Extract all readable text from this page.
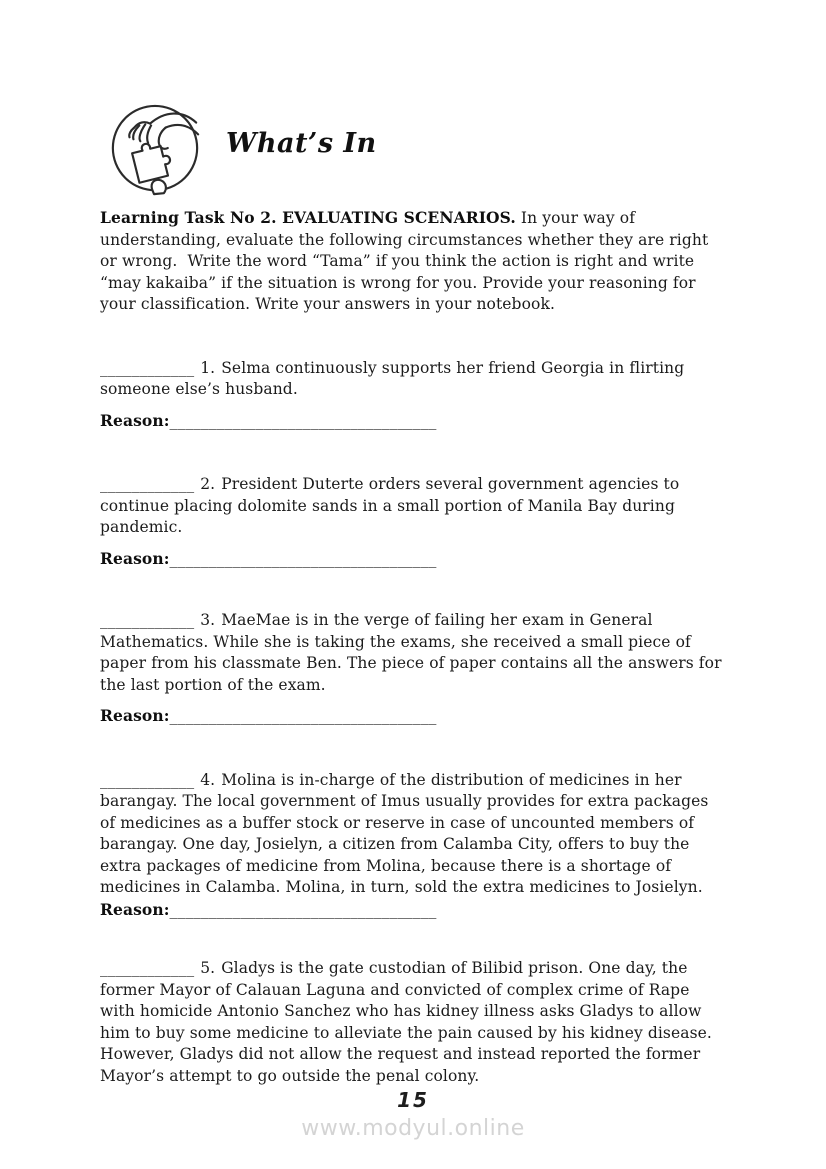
What’s In

Learning Task No 2. EVALUATING SCENARIOS. In your way of understanding, evaluate the following circumstances whether they are right or wrong.  Write the word “Tama” if you think the action is right and write “may kakaiba” if the situation is wrong for you. Provide your reasoning for your classification. Write your answers in your notebook.

____________ 1. Selma continuously supports her friend Georgia in flirting someone else’s husband.

Reason:__________________________________

____________ 2. President Duterte orders several government agencies to continue placing dolomite sands in a small portion of Manila Bay during pandemic.

Reason:__________________________________

____________ 3. MaeMae is in the verge of failing her exam in General Mathematics. While she is taking the exams, she received a small piece of paper from his classmate Ben. The piece of paper contains all the answers for the last portion of the exam.

Reason:__________________________________

____________ 4. Molina is in-charge of the distribution of medicines in her barangay. The local government of Imus usually provides for extra packages of medicines as a buffer stock or reserve in case of uncounted members of barangay. One day, Josielyn, a citizen from Calamba City, offers to buy the extra packages of medicine from Molina, because there is a shortage of medicines in Calamba. Molina, in turn, sold the extra medicines to Josielyn.

Reason:__________________________________

____________ 5. Gladys is the gate custodian of Bilibid prison. One day, the former Mayor of Calauan Laguna and convicted of complex crime of Rape with homicide Antonio Sanchez who has kidney illness asks Gladys to allow him to buy some medicine to alleviate the pain caused by his kidney disease.  However, Gladys did not allow the request and instead reported the former Mayor’s attempt to go outside the penal colony.

15
www.modyul.online
